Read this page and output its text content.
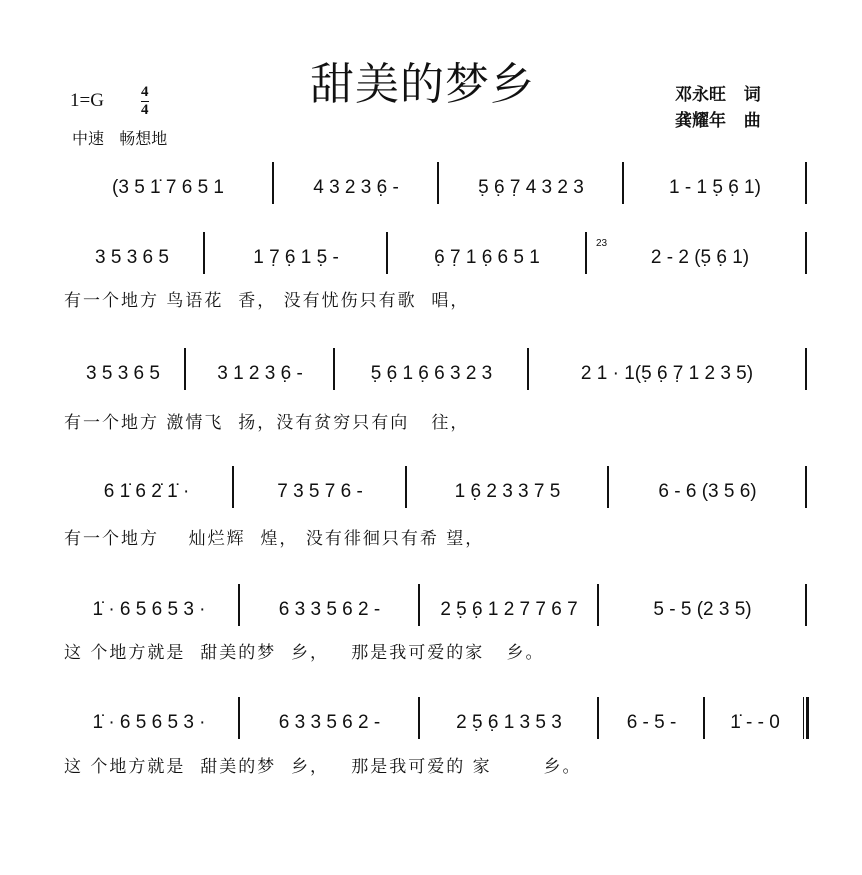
甜美的梦乡
1=G 4
4
中速   畅想地
邓永旺   词
龚耀年   曲
(3 5 1̇ 7 6 5 1	4 3 2 3 6̣ -	5̣ 6̣ 7̣ 4 3 2 3	1 - 1 5̣ 6̣ 1)
3 5 3 6 5	1 7̣ 6̣ 1 5̣ -	6̣ 7̣ 1 6̣ 6 5 1
23
2 - 2 (5̣ 6̣ 1)
有一个地方 鸟语花  香， 没有忧伤只有歌  唱，
3 5 3 6 5	3 1 2 3 6̣ -	5̣ 6̣ 1 6̣ 6 3 2 3	2 1 · 1(5̣ 6̣ 7̣ 1 2 3 5)
有一个地方 激情飞  扬，没有贫穷只有向   往，
6 1̇ 6 2̇ 1̇ ·	7 3 5 7 6 -	1 6̣ 2 3 3 7 5	6 - 6 (3 5 6)
有一个地方    灿烂辉  煌， 没有徘徊只有希 望，
1̇ · 6 5 6 5 3 ·	6 3 3 5 6 2 -	2 5̣ 6̣ 1 2 7 7 6 7	5 - 5 (2 3 5)
这 个地方就是  甜美的梦  乡，   那是我可爱的家   乡。
1̇ · 6 5 6 5 3 ·	6 3 3 5 6 2 -	2 5̣ 6̣ 1 3 5 3	6 - 5 -	1̇ - - 0
这 个地方就是  甜美的梦  乡，   那是我可爱的 家       乡。
